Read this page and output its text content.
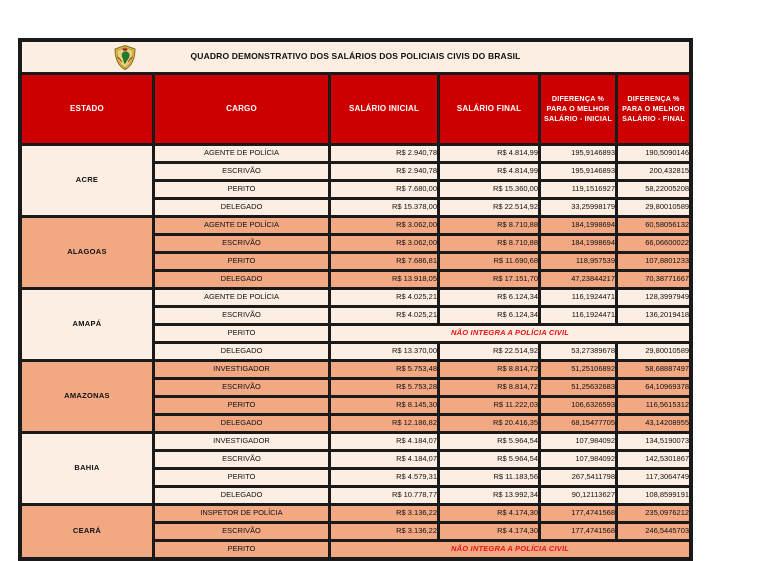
QUADRO DEMONSTRATIVO DOS SALÁRIOS DOS POLICIAIS CIVIS DO BRASIL					

ESTADO	CARGO	SALÁRIO INICIAL	SALÁRIO FINAL	DIFERENÇA % PARA O MELHOR SALÁRIO - INICIAL	DIFERENÇA % PARA O MELHOR SALÁRIO - FINAL
ACRE	AGENTE DE POLÍCIA	R$ 2.940,78	R$ 4.814,99	195,9146893	190,5090146
	ESCRIVÃO	R$ 2.940,78	R$ 4.814,99	195,9146893	200,432815
	PERITO	R$ 7.680,00	R$ 15.360,00	119,1516927	58,22005208
	DELEGADO	R$ 15.378,00	R$ 22.514,92	33,25998179	29,80010589
ALAGOAS	AGENTE DE POLÍCIA	R$ 3.062,00	R$ 8.710,88	184,1998694	60,58056132
	ESCRIVÃO	R$ 3.062,00	R$ 8.710,88	184,1998694	66,06600022
	PERITO	R$ 7.686,81	R$ 11.690,68	118,957539	107,8801233
	DELEGADO	R$ 13.918,05	R$ 17.151,70	47,23844217	70,38771667
AMAPÁ	AGENTE DE POLÍCIA	R$ 4.025,21	R$ 6.124,34	116,1924471	128,3997949
	ESCRIVÃO	R$ 4.025,21	R$ 6.124,34	116,1924471	136,2019418
	PERITO	NÃO INTEGRA A POLÍCIA CIVIL			
	DELEGADO	R$ 13.370,00	R$ 22.514,92	53,27389678	29,80010589
AMAZONAS	INVESTIGADOR	R$ 5.753,48	R$ 8.814,72	51,25106892	58,68887497
	ESCRIVÃO	R$ 5.753,28	R$ 8.814,72	51,25632683	64,10969378
	PERITO	R$ 8.145,30	R$ 11.222,03	106,6326593	116,5615312
	DELEGADO	R$ 12.186,82	R$ 20.416,35	68,15477705	43,14208955
BAHIA	INVESTIGADOR	R$ 4.184,07	R$ 5.964,54	107,984092	134,5190073
	ESCRIVÃO	R$ 4.184,07	R$ 5.964,54	107,984092	142,5301867
	PERITO	R$ 4.579,31	R$ 11.183,56	267,5411798	117,3064749
	DELEGADO	R$ 10.778,77	R$ 13.992,34	90,12113627	108,8599191
CEARÁ	INSPETOR DE POLÍCIA	R$ 3.136,22	R$ 4.174,30	177,4741568	235,0976212
	ESCRIVÃO	R$ 3.136,22	R$ 4.174,30	177,4741568	246,5445703
	PERITO	NÃO INTEGRA A POLÍCIA CIVIL			
